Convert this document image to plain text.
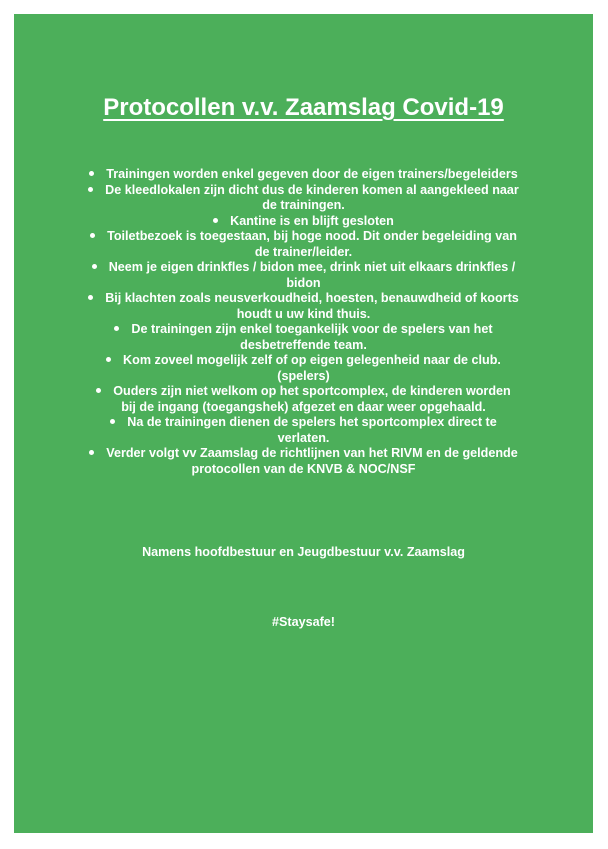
Protocollen v.v. Zaamslag Covid-19
Trainingen worden enkel gegeven door de eigen trainers/begeleiders
De kleedlokalen zijn dicht dus de kinderen komen al aangekleed naar de trainingen.
Kantine is en blijft gesloten
Toiletbezoek is toegestaan, bij hoge nood. Dit onder begeleiding van de trainer/leider.
Neem je eigen drinkfles / bidon mee, drink niet uit elkaars drinkfles / bidon
Bij klachten zoals neusverkoudheid, hoesten, benauwdheid of koorts houdt u uw kind thuis.
De trainingen zijn enkel toegankelijk voor de spelers van het desbetreffende team.
Kom zoveel mogelijk zelf of op eigen gelegenheid naar de club. (spelers)
Ouders zijn niet welkom op het sportcomplex, de kinderen worden bij de ingang (toegangshek) afgezet en daar weer opgehaald.
Na de trainingen dienen de spelers het sportcomplex direct te verlaten.
Verder volgt vv Zaamslag de richtlijnen van het RIVM en de geldende protocollen van de KNVB & NOC/NSF

Namens hoofdbestuur en Jeugdbestuur v.v. Zaamslag

#Staysafe!
